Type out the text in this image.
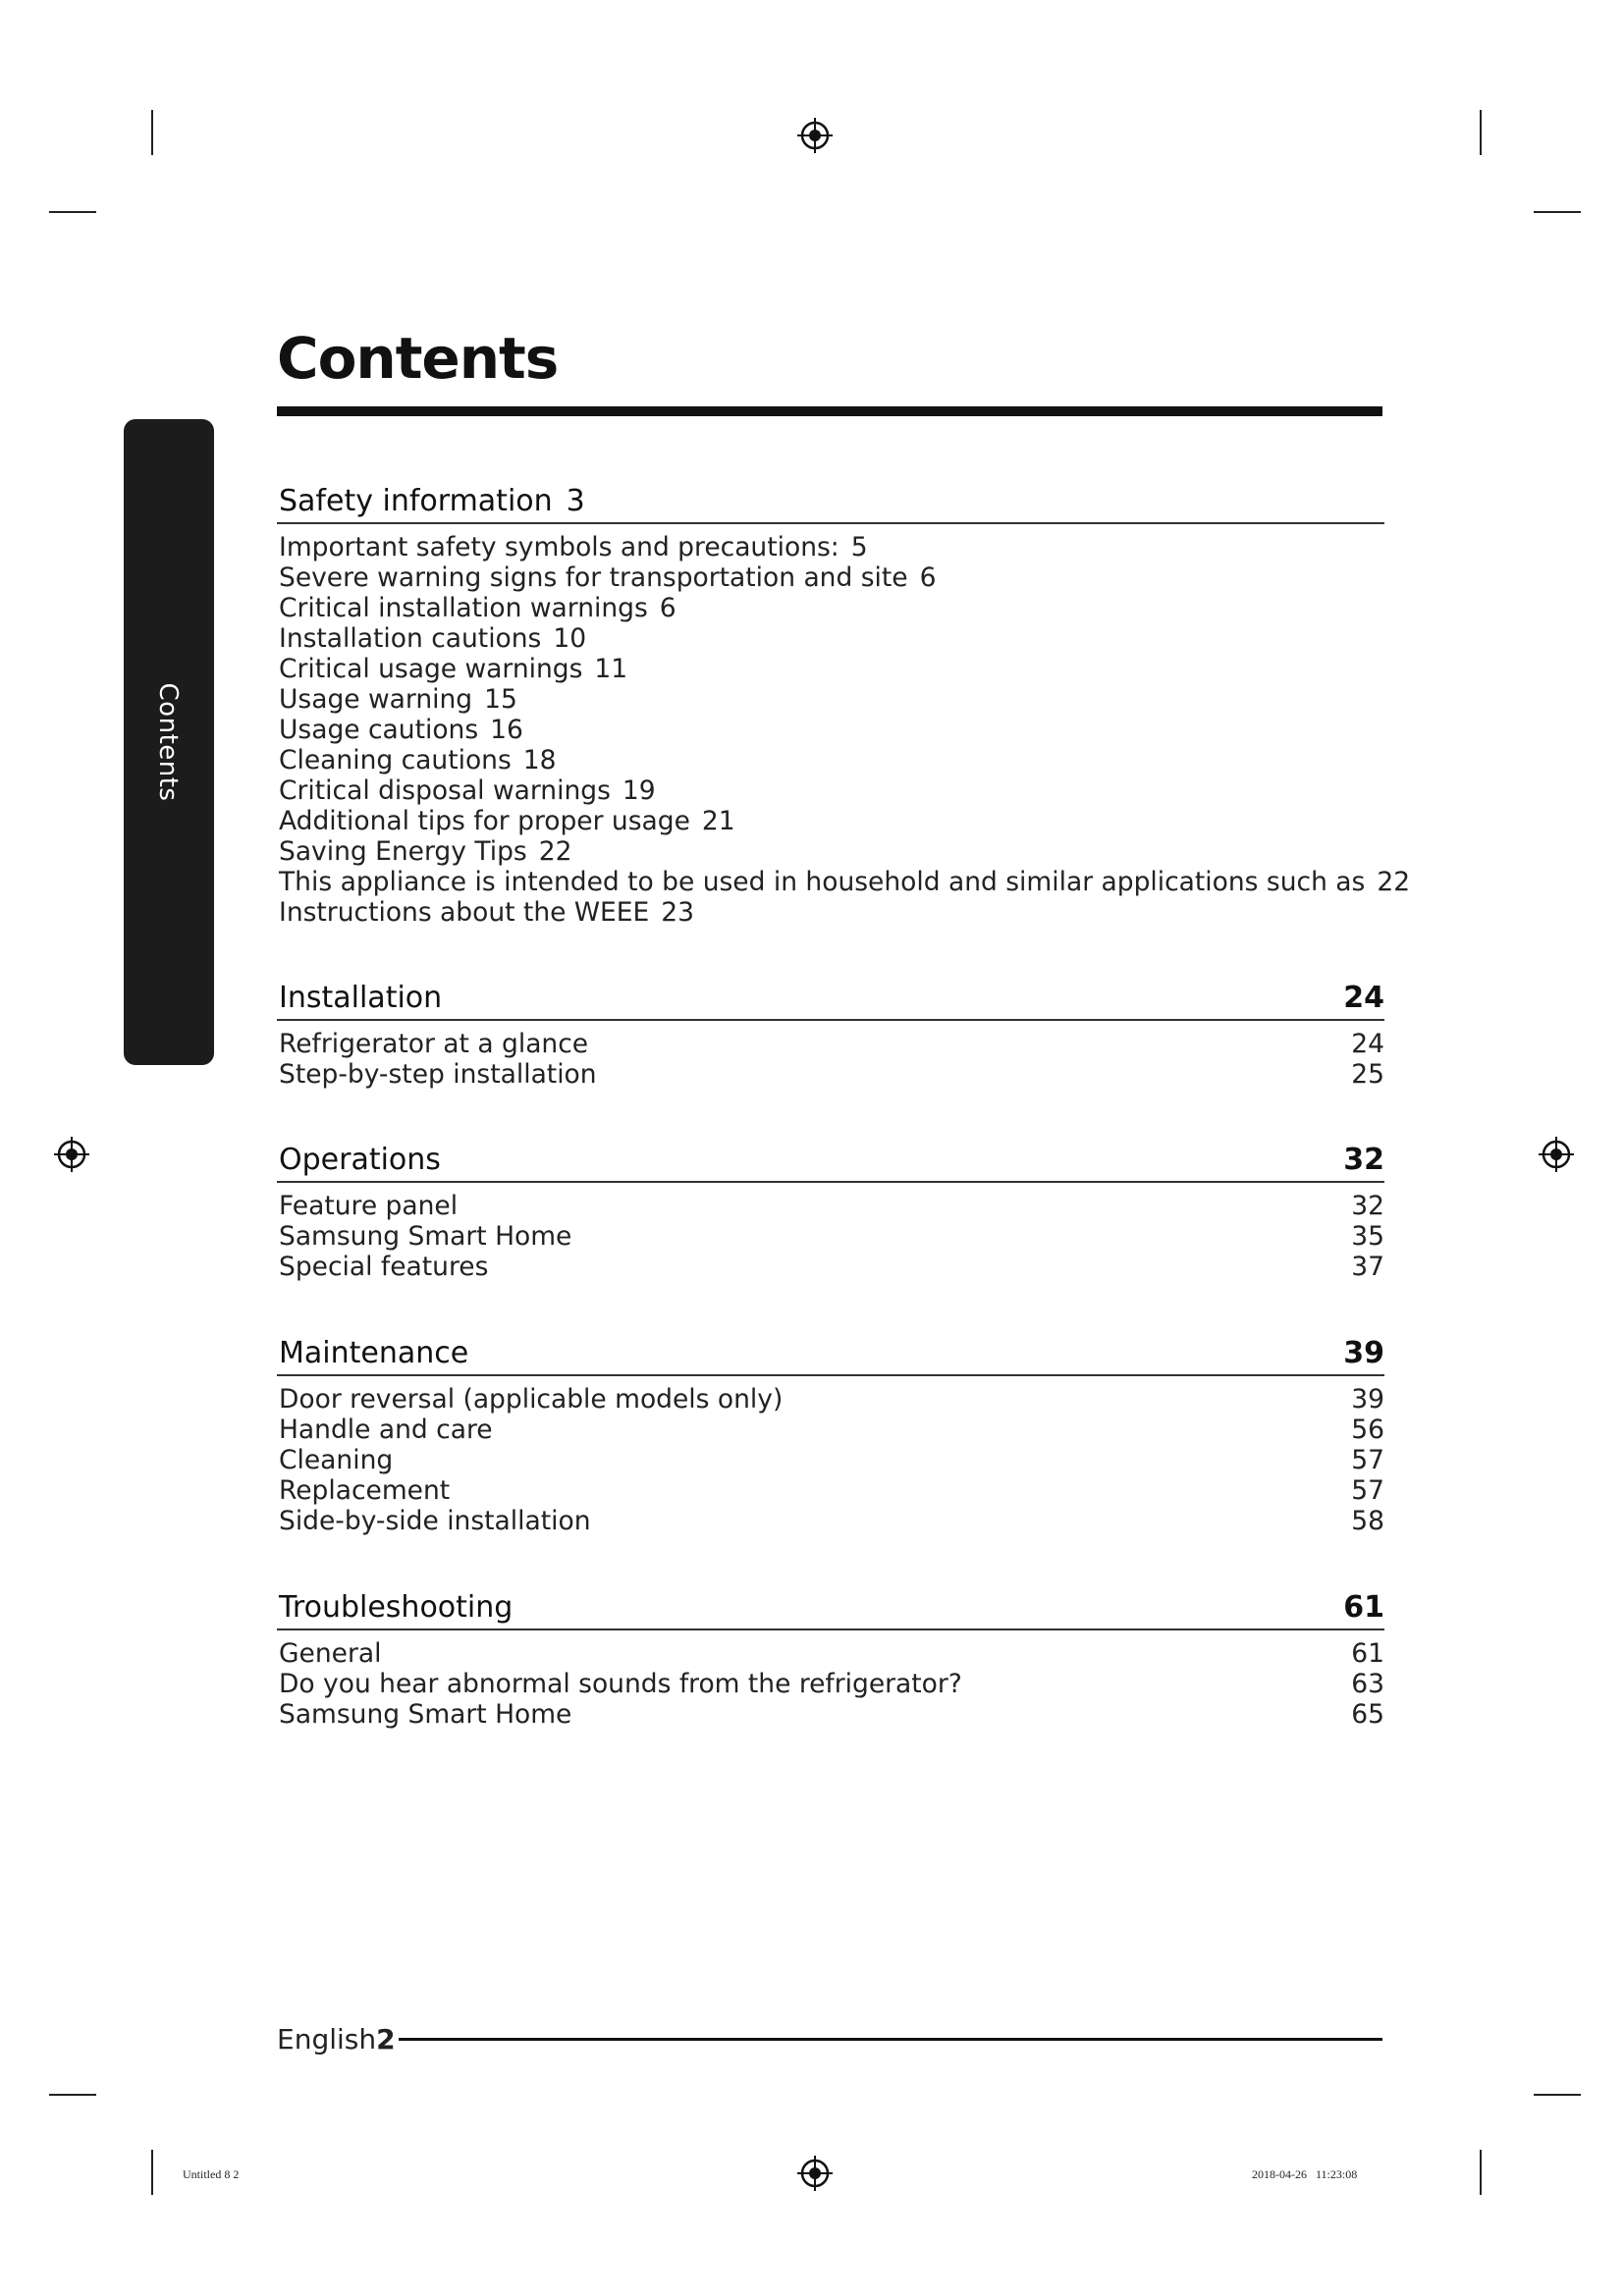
Contents
Contents
Safety information 3
Important safety symbols and precautions: 5
Severe warning signs for transportation and site 6
Critical installation warnings 6
Installation cautions 10
Critical usage warnings 11
Usage warning 15
Usage cautions 16
Cleaning cautions 18
Critical disposal warnings 19
Additional tips for proper usage 21
Saving Energy Tips 22
This appliance is intended to be used in household and similar applications such as 22
Instructions about the WEEE 23
Installation	24
Refrigerator at a glance	24
Step-by-step installation	25
Operations	32
Feature panel	32
Samsung Smart Home	35
Special features	37
Maintenance	39
Door reversal (applicable models only)	39
Handle and care	56
Cleaning	57
Replacement	57
Side-by-side installation	58
Troubleshooting	61
General	61
Do you hear abnormal sounds from the refrigerator?	63
Samsung Smart Home	65
English2
Untitled 8 2	2018-04-26   11:23:08
